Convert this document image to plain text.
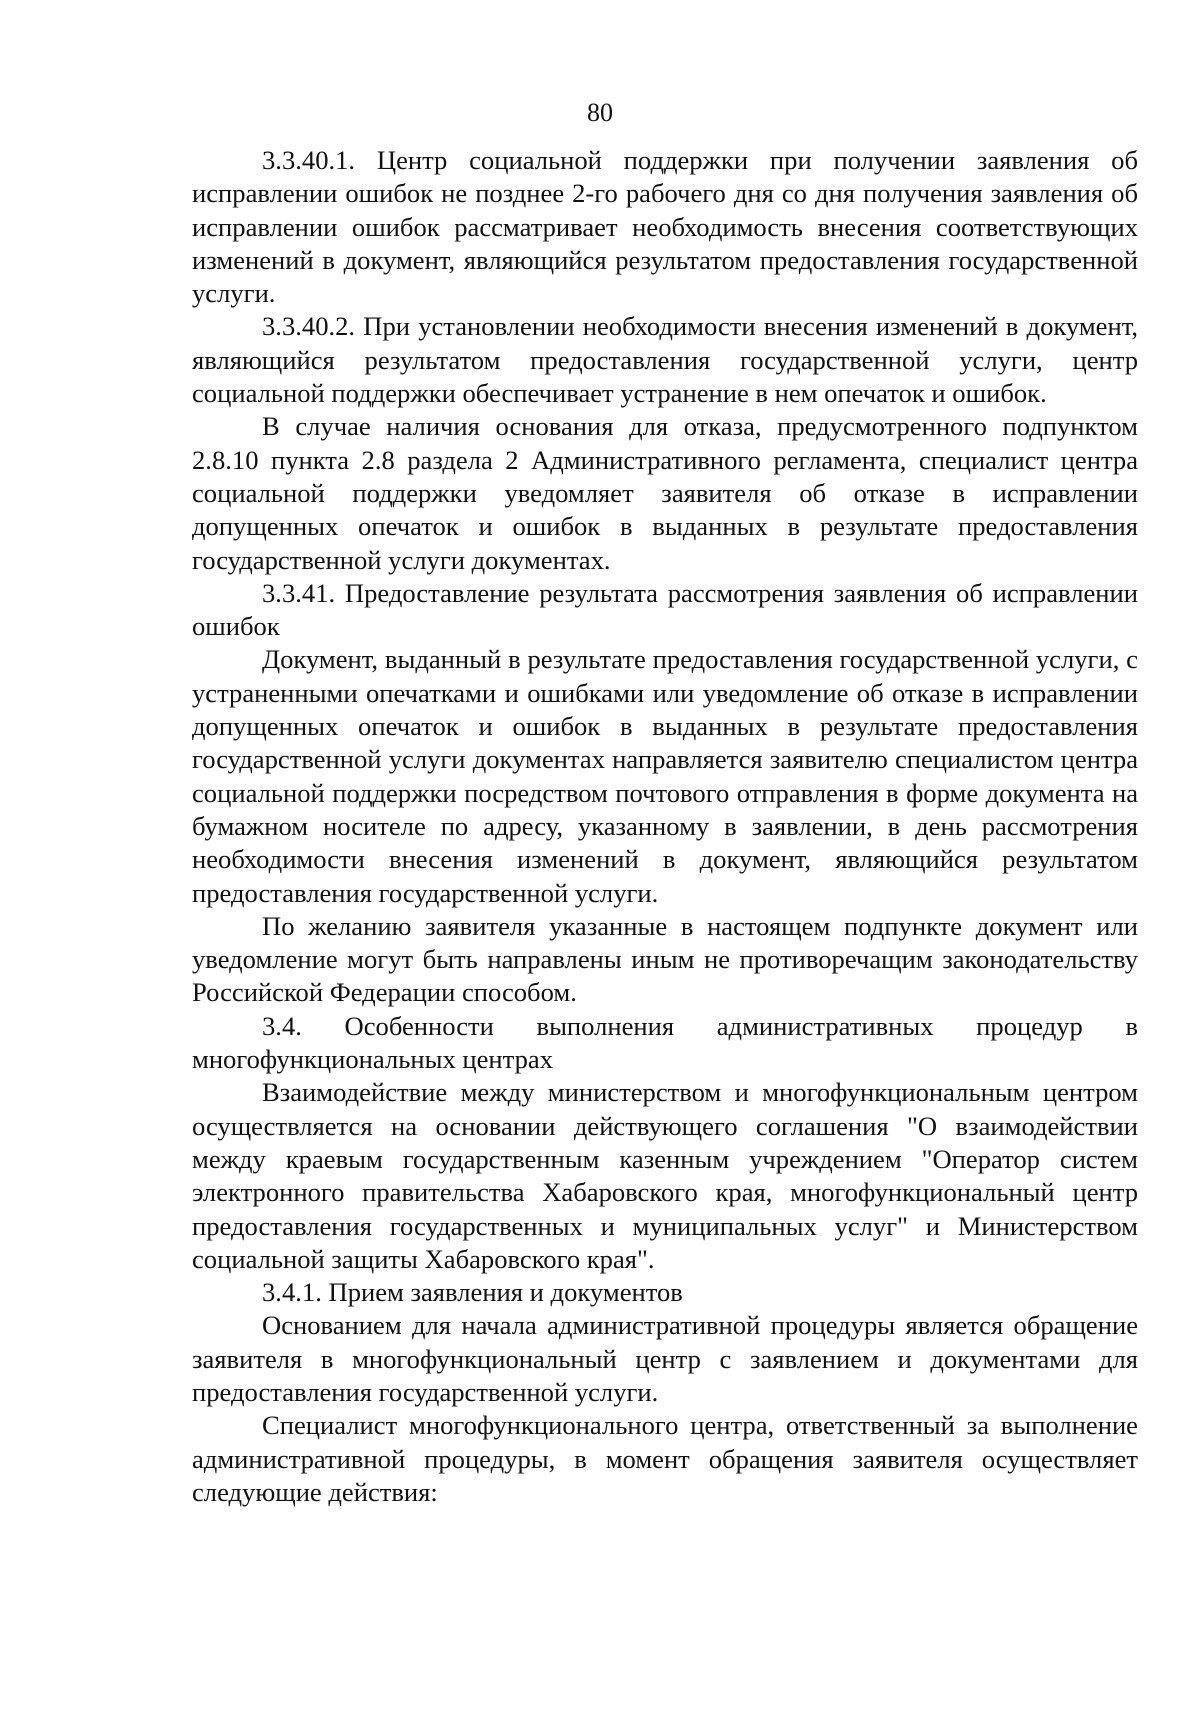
80

3.3.40.1. Центр социальной поддержки при получении заявления об исправлении ошибок не позднее 2-го рабочего дня со дня получения заявления об исправлении ошибок рассматривает необходимость внесения соответствующих изменений в документ, являющийся результатом предоставления государственной услуги.

3.3.40.2. При установлении необходимости внесения изменений в документ, являющийся результатом предоставления государственной услуги, центр социальной поддержки обеспечивает устранение в нем опечаток и ошибок.

В случае наличия основания для отказа, предусмотренного подпунктом 2.8.10 пункта 2.8 раздела 2 Административного регламента, специалист центра социальной поддержки уведомляет заявителя об отказе в исправлении допущенных опечаток и ошибок в выданных в результате предоставления государственной услуги документах.

3.3.41. Предоставление результата рассмотрения заявления об исправлении ошибок

Документ, выданный в результате предоставления государственной услуги, с устраненными опечатками и ошибками или уведомление об отказе в исправлении допущенных опечаток и ошибок в выданных в результате предоставления государственной услуги документах направляется заявителю специалистом центра социальной поддержки посредством почтового отправления в форме документа на бумажном носителе по адресу, указанному в заявлении, в день рассмотрения необходимости внесения изменений в документ, являющийся результатом предоставления государственной услуги.

По желанию заявителя указанные в настоящем подпункте документ или уведомление могут быть направлены иным не противоречащим законодательству Российской Федерации способом.

3.4. Особенности выполнения административных процедур в многофункциональных центрах

Взаимодействие между министерством и многофункциональным центром осуществляется на основании действующего соглашения "О взаимодействии между краевым государственным казенным учреждением "Оператор систем электронного правительства Хабаровского края, многофункциональный центр предоставления государственных и муниципальных услуг" и Министерством социальной защиты Хабаровского края".

3.4.1. Прием заявления и документов

Основанием для начала административной процедуры является обращение заявителя в многофункциональный центр с заявлением и документами для предоставления государственной услуги.

Специалист многофункционального центра, ответственный за выполнение административной процедуры, в момент обращения заявителя осуществляет следующие действия:
